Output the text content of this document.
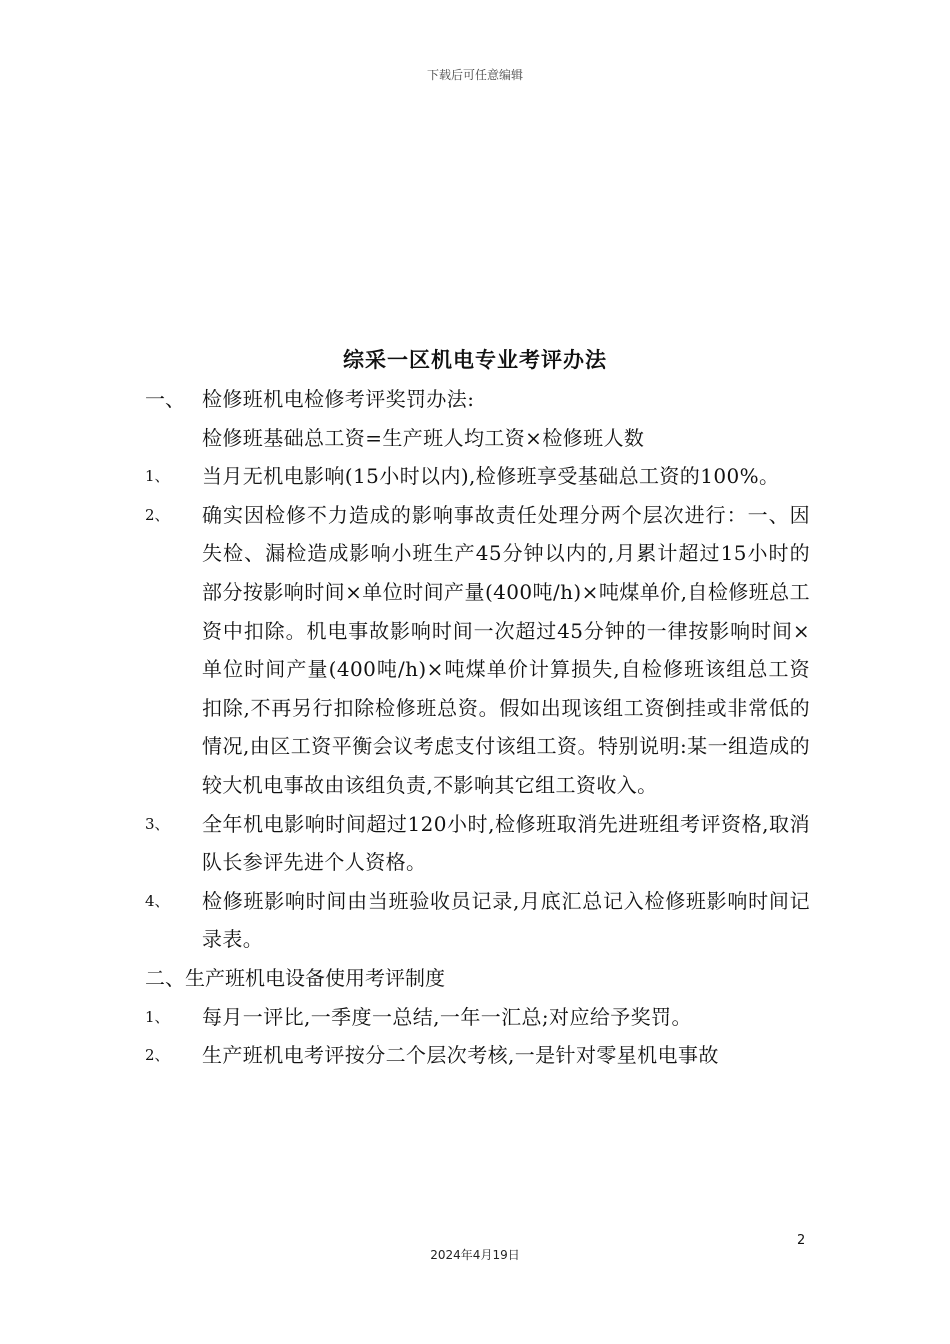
下载后可任意编辑
综采一区机电专业考评办法
一、 检修班机电检修考评奖罚办法:
检修班基础总工资=生产班人均工资×检修班人数
1、	当月无机电影响(15小时以内),检修班享受基础总工资的100%。
2、	确实因检修不力造成的影响事故责任处理分两个层次进行：一、因失检、漏检造成影响小班生产45分钟以内的,月累计超过15小时的部分按影响时间×单位时间产量(400吨/h)×吨煤单价,自检修班总工资中扣除。机电事故影响时间一次超过45分钟的一律按影响时间×单位时间产量(400吨/h)×吨煤单价计算损失,自检修班该组总工资扣除,不再另行扣除检修班总资。假如出现该组工资倒挂或非常低的情况,由区工资平衡会议考虑支付该组工资。特别说明:某一组造成的较大机电事故由该组负责,不影响其它组工资收入。
3、	全年机电影响时间超过120小时,检修班取消先进班组考评资格,取消队长参评先进个人资格。
4、	检修班影响时间由当班验收员记录,月底汇总记入检修班影响时间记录表。
二、生产班机电设备使用考评制度
1、	每月一评比,一季度一总结,一年一汇总;对应给予奖罚。
2、	生产班机电考评按分二个层次考核,一是针对零星机电事故
2
2024年4月19日
